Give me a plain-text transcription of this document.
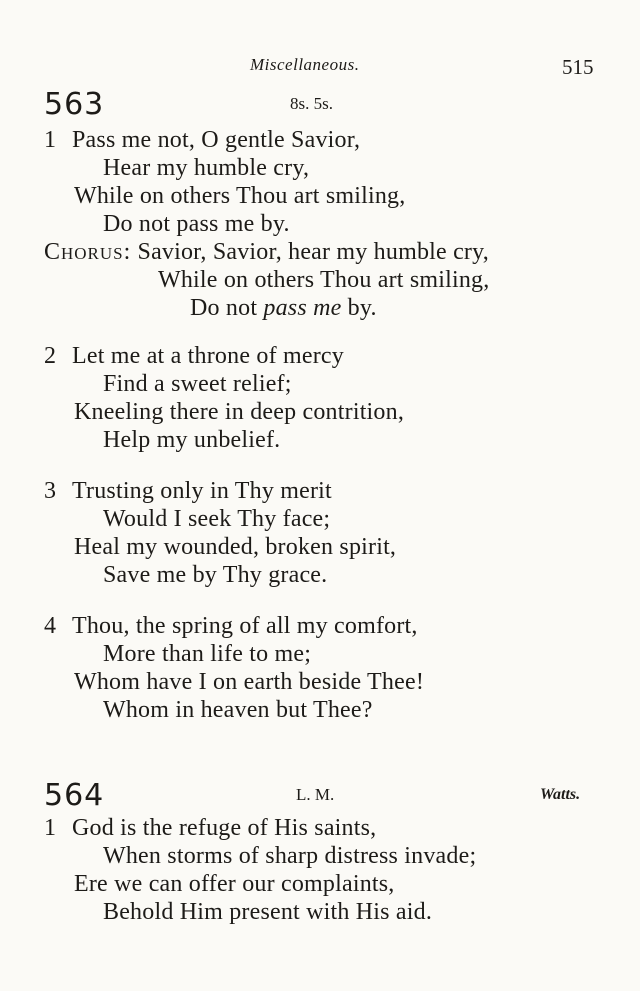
Miscellaneous.	515
563	8s. 5s.
1 Pass me not, O gentle Savior,
Hear my humble cry,
While on others Thou art smiling,
Do not pass me by.
Chorus: Savior, Savior, hear my humble cry,
While on others Thou art smiling,
Do not pass me by.
2 Let me at a throne of mercy
Find a sweet relief;
Kneeling there in deep contrition,
Help my unbelief.
3 Trusting only in Thy merit
Would I seek Thy face;
Heal my wounded, broken spirit,
Save me by Thy grace.
4 Thou, the spring of all my comfort,
More than life to me;
Whom have I on earth beside Thee!
Whom in heaven but Thee?
564	L. M.	Watts.
1 God is the refuge of His saints,
When storms of sharp distress invade;
Ere we can offer our complaints,
Behold Him present with His aid.
